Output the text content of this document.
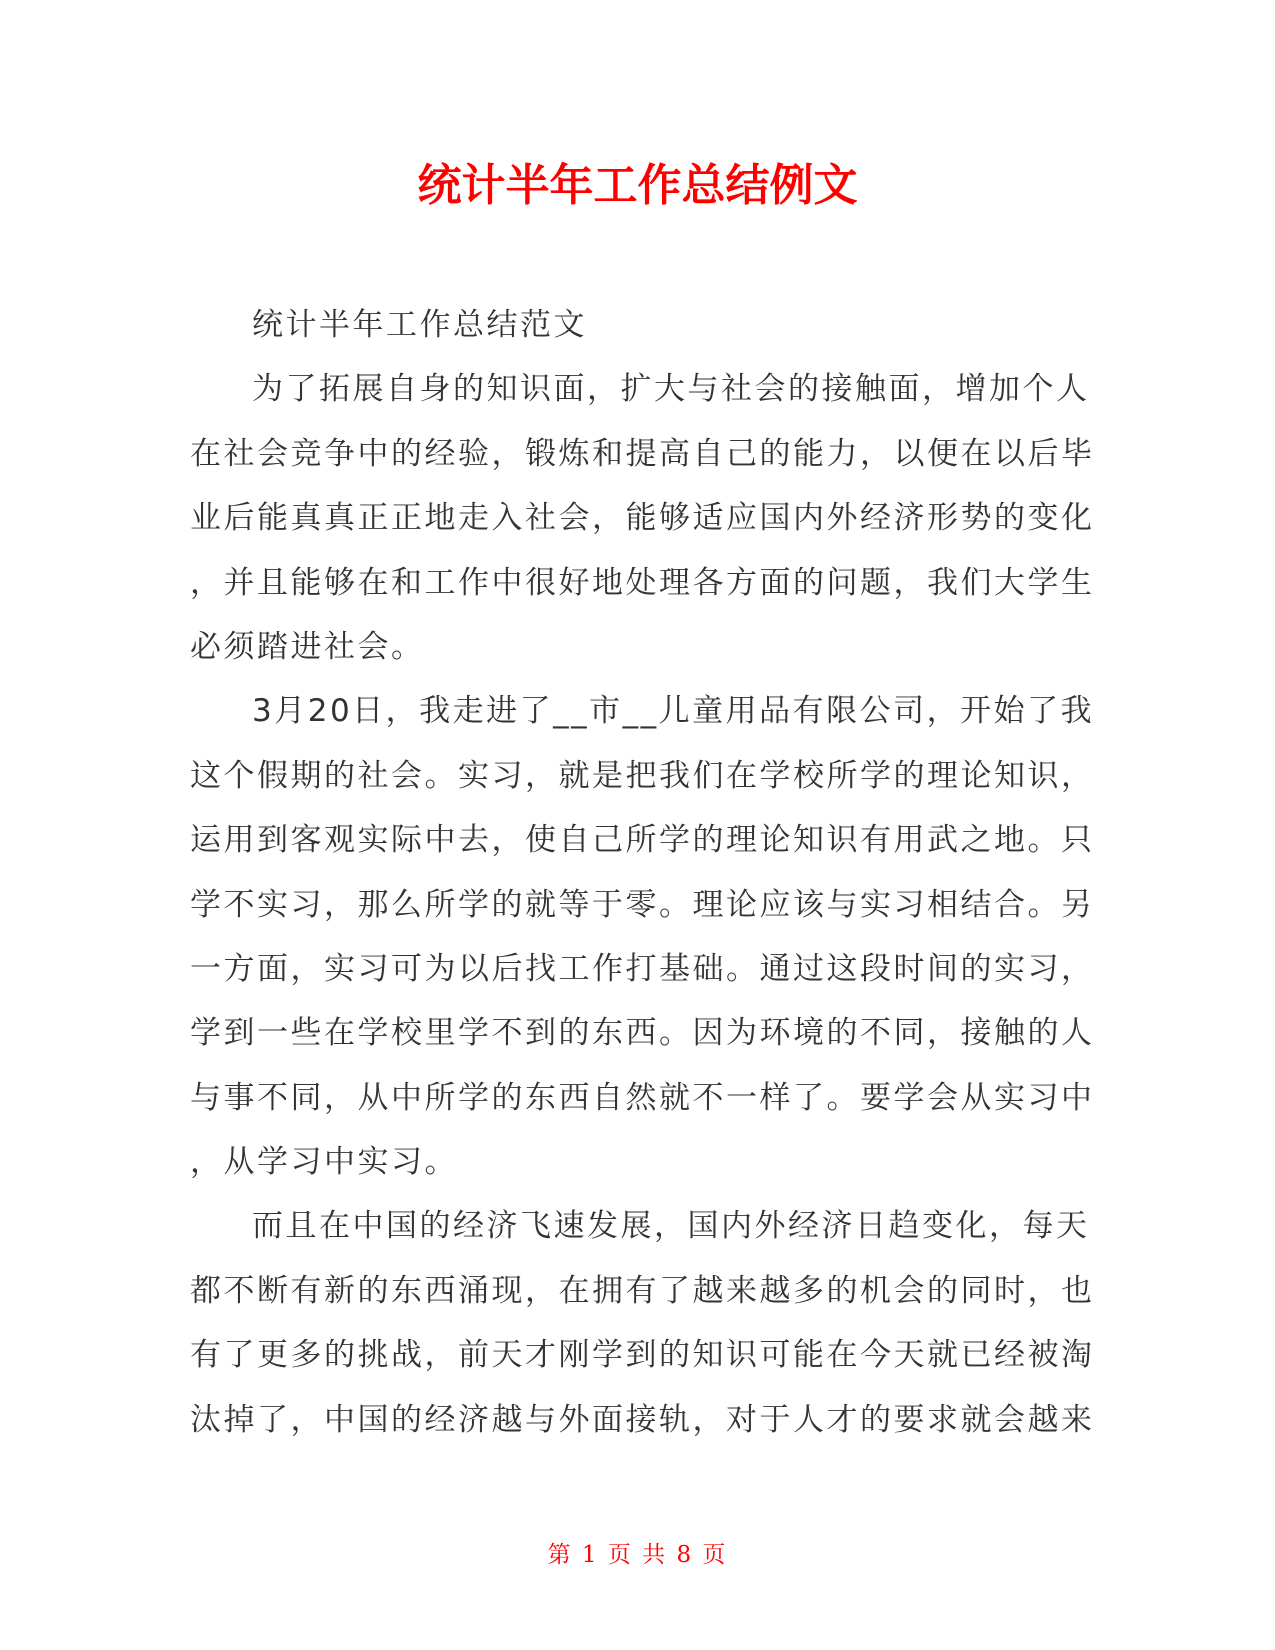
统计半年工作总结例文
统计半年工作总结范文
为了拓展自身的知识面，扩大与社会的接触面，增加个人
在社会竞争中的经验，锻炼和提高自己的能力，以便在以后毕
业后能真真正正地走入社会，能够适应国内外经济形势的变化
，并且能够在和工作中很好地处理各方面的问题，我们大学生
必须踏进社会。
3月20日，我走进了__市__儿童用品有限公司，开始了我
这个假期的社会。实习，就是把我们在学校所学的理论知识，
运用到客观实际中去，使自己所学的理论知识有用武之地。只
学不实习，那么所学的就等于零。理论应该与实习相结合。另
一方面，实习可为以后找工作打基础。通过这段时间的实习，
学到一些在学校里学不到的东西。因为环境的不同，接触的人
与事不同，从中所学的东西自然就不一样了。要学会从实习中
，从学习中实习。
而且在中国的经济飞速发展，国内外经济日趋变化，每天
都不断有新的东西涌现，在拥有了越来越多的机会的同时，也
有了更多的挑战，前天才刚学到的知识可能在今天就已经被淘
汰掉了，中国的经济越与外面接轨，对于人才的要求就会越来
第 1 页 共 8 页
